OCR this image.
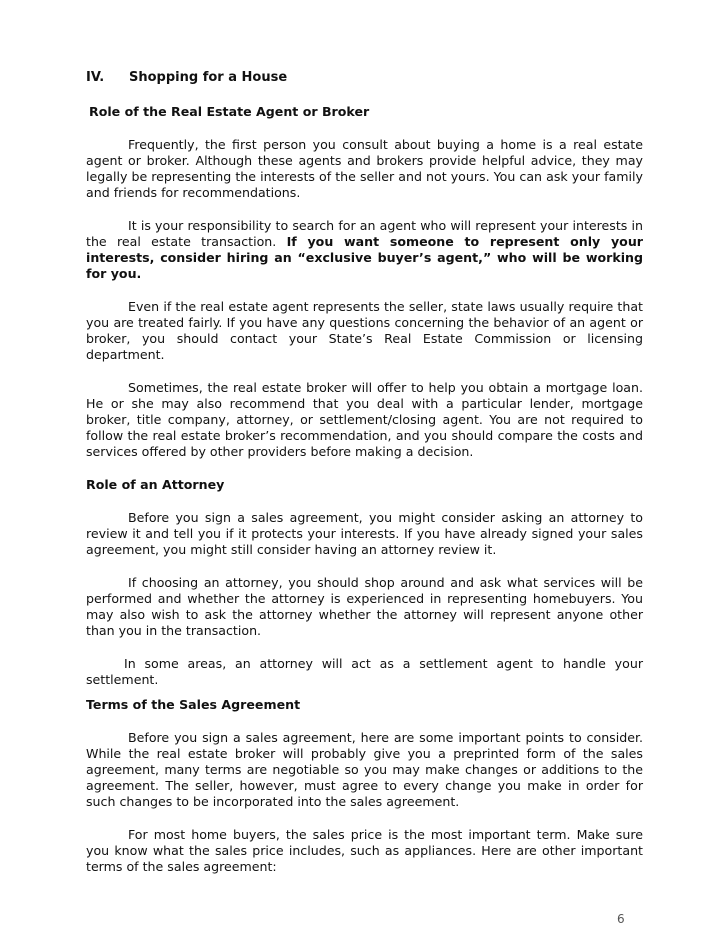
IV. Shopping for a House

Role of the Real Estate Agent or Broker

Frequently, the first person you consult about buying a home is a real estate agent or broker. Although these agents and brokers provide helpful advice, they may legally be representing the interests of the seller and not yours. You can ask your family and friends for recommendations.

It is your responsibility to search for an agent who will represent your interests in the real estate transaction. If you want someone to represent only your interests, consider hiring an “exclusive buyer’s agent,” who will be working for you.

Even if the real estate agent represents the seller, state laws usually require that you are treated fairly. If you have any questions concerning the behavior of an agent or broker, you should contact your State’s Real Estate Commission or licensing department.

Sometimes, the real estate broker will offer to help you obtain a mortgage loan. He or she may also recommend that you deal with a particular lender, mortgage broker, title company, attorney, or settlement/closing agent. You are not required to follow the real estate broker’s recommendation, and you should compare the costs and services offered by other providers before making a decision.

Role of an Attorney

Before you sign a sales agreement, you might consider asking an attorney to review it and tell you if it protects your interests. If you have already signed your sales agreement, you might still consider having an attorney review it.

If choosing an attorney, you should shop around and ask what services will be performed and whether the attorney is experienced in representing homebuyers. You may also wish to ask the attorney whether the attorney will represent anyone other than you in the transaction.

In some areas, an attorney will act as a settlement agent to handle your settlement.

Terms of the Sales Agreement

Before you sign a sales agreement, here are some important points to consider. While the real estate broker will probably give you a preprinted form of the sales agreement, many terms are negotiable so you may make changes or additions to the agreement. The seller, however, must agree to every change you make in order for such changes to be incorporated into the sales agreement.

For most home buyers, the sales price is the most important term. Make sure you know what the sales price includes, such as appliances. Here are other important terms of the sales agreement:

6
